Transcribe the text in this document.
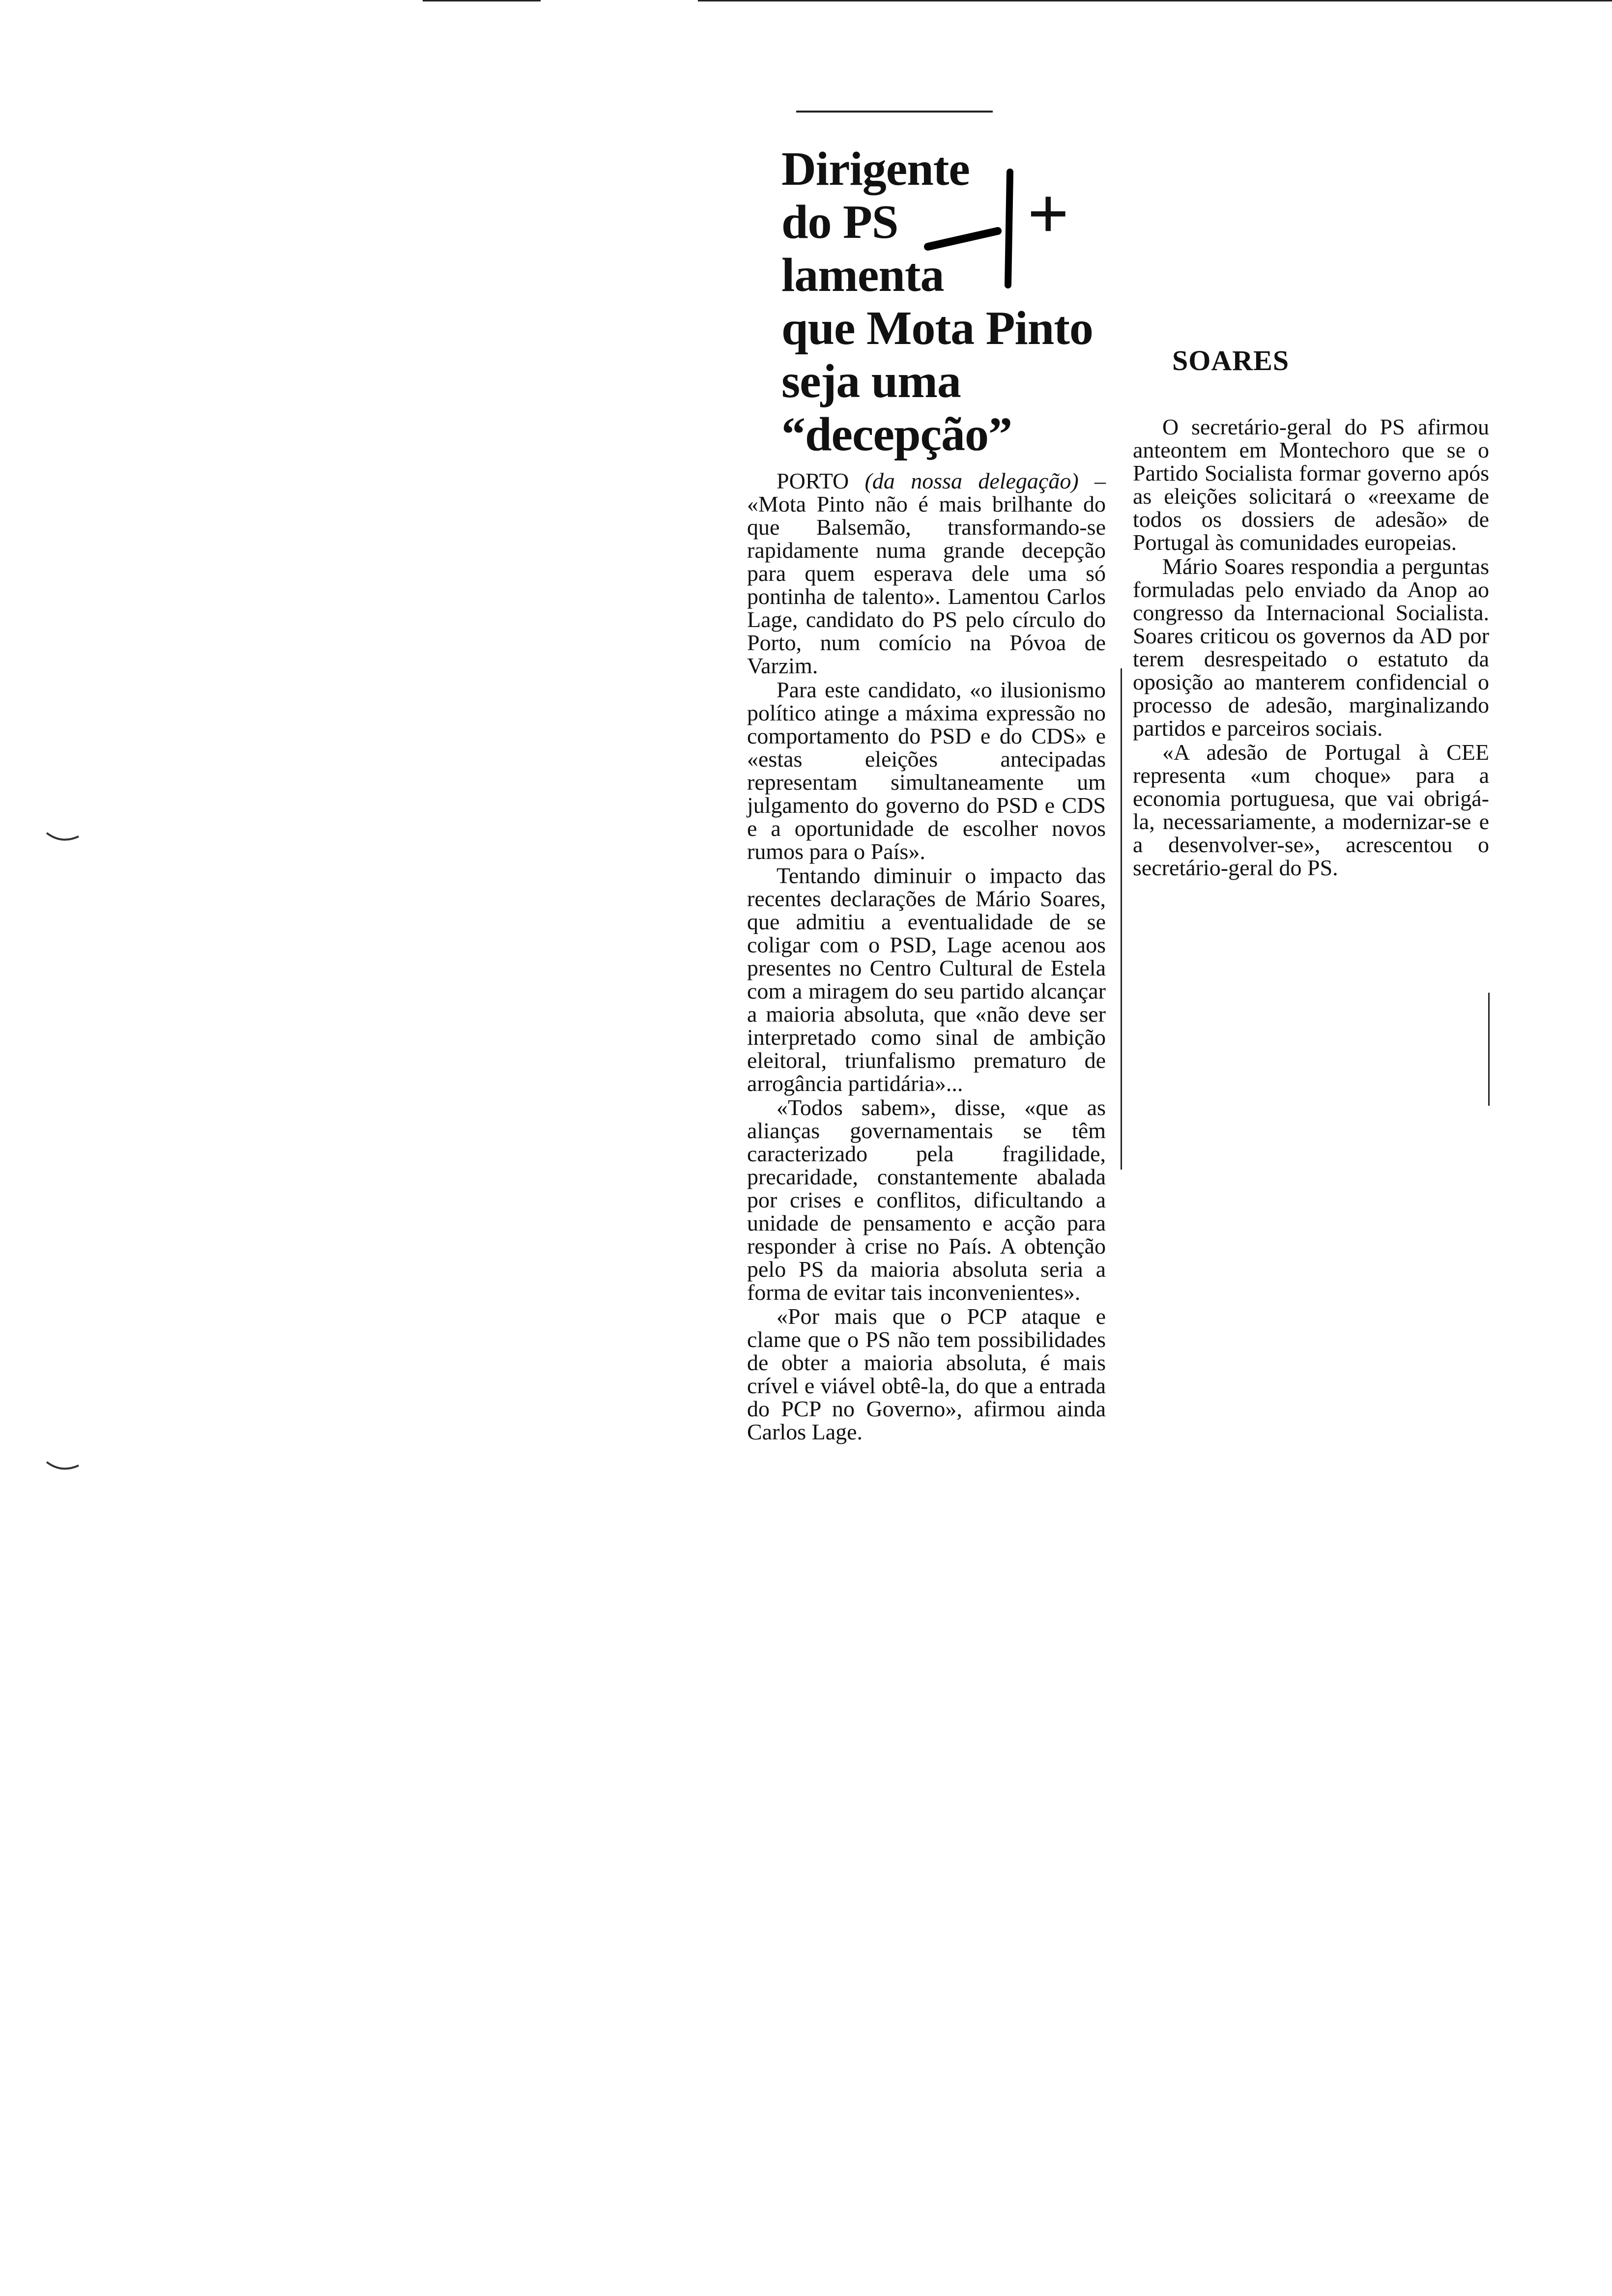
Dirigente
do PS
lamenta
que Mota Pinto
seja uma
“decepção”
+

PORTO (da nossa delegação) – «Mota Pinto não é mais brilhante do que Balsemão, transformando-se rapidamente numa grande decepção para quem esperava dele uma só pontinha de talento». Lamentou Carlos Lage, candidato do PS pelo círculo do Porto, num comício na Póvoa de Varzim.

Para este candidato, «o ilusionismo político atinge a máxima expressão no comportamento do PSD e do CDS» e «estas eleições antecipadas representam simultaneamente um julgamento do governo do PSD e CDS e a oportunidade de escolher novos rumos para o País».

Tentando diminuir o impacto das recentes declarações de Mário Soares, que admitiu a eventualidade de se coligar com o PSD, Lage acenou aos presentes no Centro Cultural de Estela com a miragem do seu partido alcançar a maioria absoluta, que «não deve ser interpretado como sinal de ambição eleitoral, triunfalismo prematuro de arrogância partidária»...

«Todos sabem», disse, «que as alianças governamentais se têm caracterizado pela fragilidade, precaridade, constantemente abalada por crises e conflitos, dificultando a unidade de pensamento e acção para responder à crise no País. A obtenção pelo PS da maioria absoluta seria a forma de evitar tais inconvenientes».

«Por mais que o PCP ataque e clame que o PS não tem possibilidades de obter a maioria absoluta, é mais crível e viável obtê-la, do que a entrada do PCP no Governo», afirmou ainda Carlos Lage.

SOARES

O secretário-geral do PS afirmou anteontem em Montechoro que se o Partido Socialista formar governo após as eleições solicitará o «reexame de todos os dossiers de adesão» de Portugal às comunidades europeias.

Mário Soares respondia a perguntas formuladas pelo enviado da Anop ao congresso da Internacional Socialista. Soares criticou os governos da AD por terem desrespeitado o estatuto da oposição ao manterem confidencial o processo de adesão, marginalizando partidos e parceiros sociais.

«A adesão de Portugal à CEE representa «um choque» para a economia portuguesa, que vai obrigá-la, necessariamente, a modernizar-se e a desenvolver-se», acrescentou o secretário-geral do PS.
